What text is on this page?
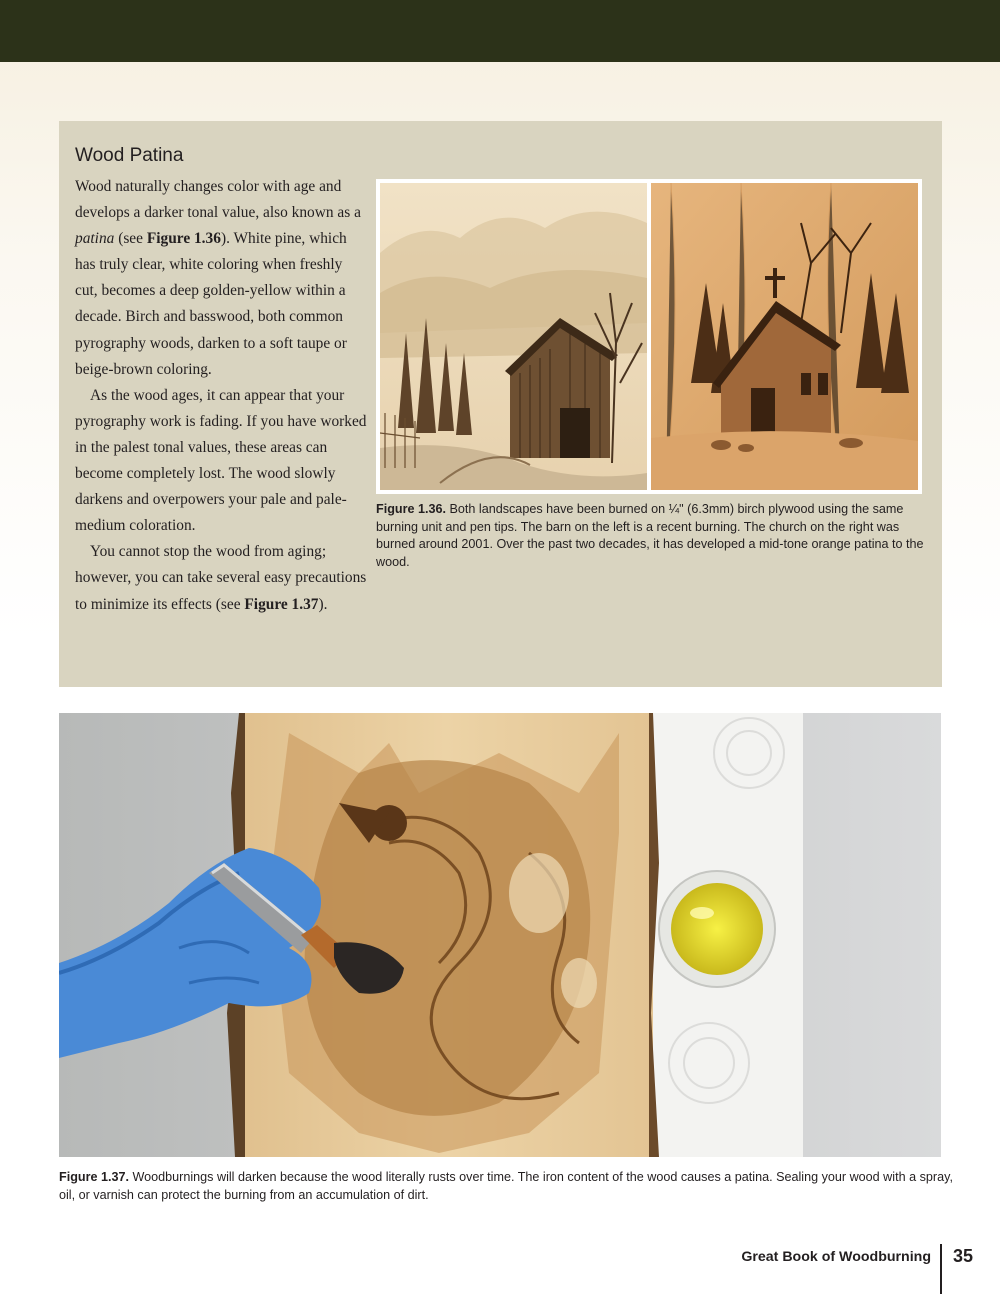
Wood Patina

Wood naturally changes color with age and develops a darker tonal value, also known as a patina (see Figure 1.36). White pine, which has truly clear, white coloring when freshly cut, becomes a deep golden-yellow within a decade. Birch and basswood, both common pyrography woods, darken to a soft taupe or beige-brown coloring.

As the wood ages, it can appear that your pyrography work is fading. If you have worked in the palest tonal values, these areas can become completely lost. The wood slowly darkens and overpowers your pale and pale-medium coloration.

You cannot stop the wood from aging; however, you can take several easy precautions to minimize its effects (see Figure 1.37).

Figure 1.36. Both landscapes have been burned on ¼" (6.3mm) birch plywood using the same burning unit and pen tips. The barn on the left is a recent burning. The church on the right was burned around 2001. Over the past two decades, it has developed a mid-tone orange patina to the wood.
Figure 1.37. Woodburnings will darken because the wood literally rusts over time. The iron content of the wood causes a patina. Sealing your wood with a spray, oil, or varnish can protect the burning from an accumulation of dirt.
Great Book of Woodburning 35
